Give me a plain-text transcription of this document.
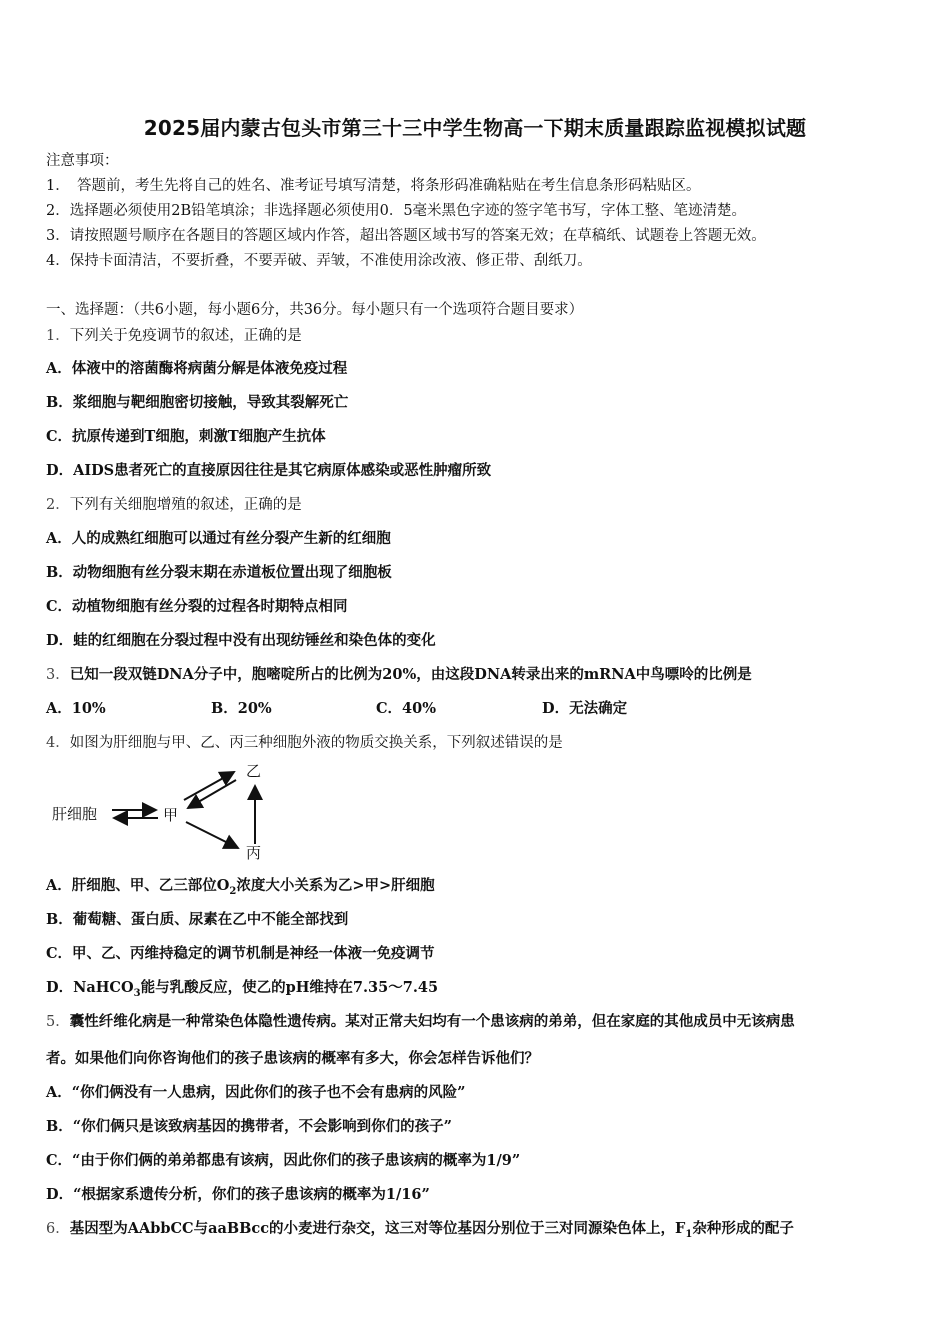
2025届内蒙古包头市第三十三中学生物高一下期末质量跟踪监视模拟试题
注意事项：
1．　答题前，考生先将自己的姓名、准考证号填写清楚，将条形码准确粘贴在考生信息条形码粘贴区。
2．选择题必须使用2B铅笔填涂；非选择题必须使用0．5毫米黑色字迹的签字笔书写，字体工整、笔迹清楚。
3．请按照题号顺序在各题目的答题区域内作答，超出答题区域书写的答案无效；在草稿纸、试题卷上答题无效。
4．保持卡面清洁，不要折叠，不要弄破、弄皱，不准使用涂改液、修正带、刮纸刀。
一、选择题：（共6小题，每小题6分，共36分。每小题只有一个选项符合题目要求）
1．下列关于免疫调节的叙述，正确的是
A．体液中的溶菌酶将病菌分解是体液免疫过程
B．浆细胞与靶细胞密切接触，导致其裂解死亡
C．抗原传递到T细胞，刺激T细胞产生抗体
D．AIDS患者死亡的直接原因往往是其它病原体感染或恶性肿瘤所致
2．下列有关细胞增殖的叙述，正确的是
A．人的成熟红细胞可以通过有丝分裂产生新的红细胞
B．动物细胞有丝分裂末期在赤道板位置出现了细胞板
C．动植物细胞有丝分裂的过程各时期特点相同
D．蛙的红细胞在分裂过程中没有出现纺锤丝和染色体的变化
3．已知一段双链DNA分子中，胞嘧啶所占的比例为20%，由这段DNA转录出来的mRNA中鸟嘌呤的比例是
A．10%	B．20%	C．40%	D．无法确定
4．如图为肝细胞与甲、乙、丙三种细胞外液的物质交换关系，下列叙述错误的是
肝细胞	甲
乙
丙
A．肝细胞、甲、乙三部位$O_2$浓度大小关系为乙>甲>肝细胞
B．葡萄糖、蛋白质、尿素在乙中不能全部找到
C．甲、乙、丙维持稳定的调节机制是神经一体液一免疫调节
D．NaHCO$_3$能与乳酸反应，使乙的pH维持在7.35～7.45
5．囊性纤维化病是一种常染色体隐性遗传病。某对正常夫妇均有一个患该病的弟弟，但在家庭的其他成员中无该病患
者。如果他们向你咨询他们的孩子患该病的概率有多大，你会怎样告诉他们？
A．“你们俩没有一人患病，因此你们的孩子也不会有患病的风险”
B．“你们俩只是该致病基因的携带者，不会影响到你们的孩子”
C．“由于你们俩的弟弟都患有该病，因此你们的孩子患该病的概率为1/9”
D．“根据家系遗传分析，你们的孩子患该病的概率为1/16”
6．基因型为AAbbCC与aaBBcc的小麦进行杂交，这三对等位基因分别位于三对同源染色体上，$F_1$杂种形成的配子
